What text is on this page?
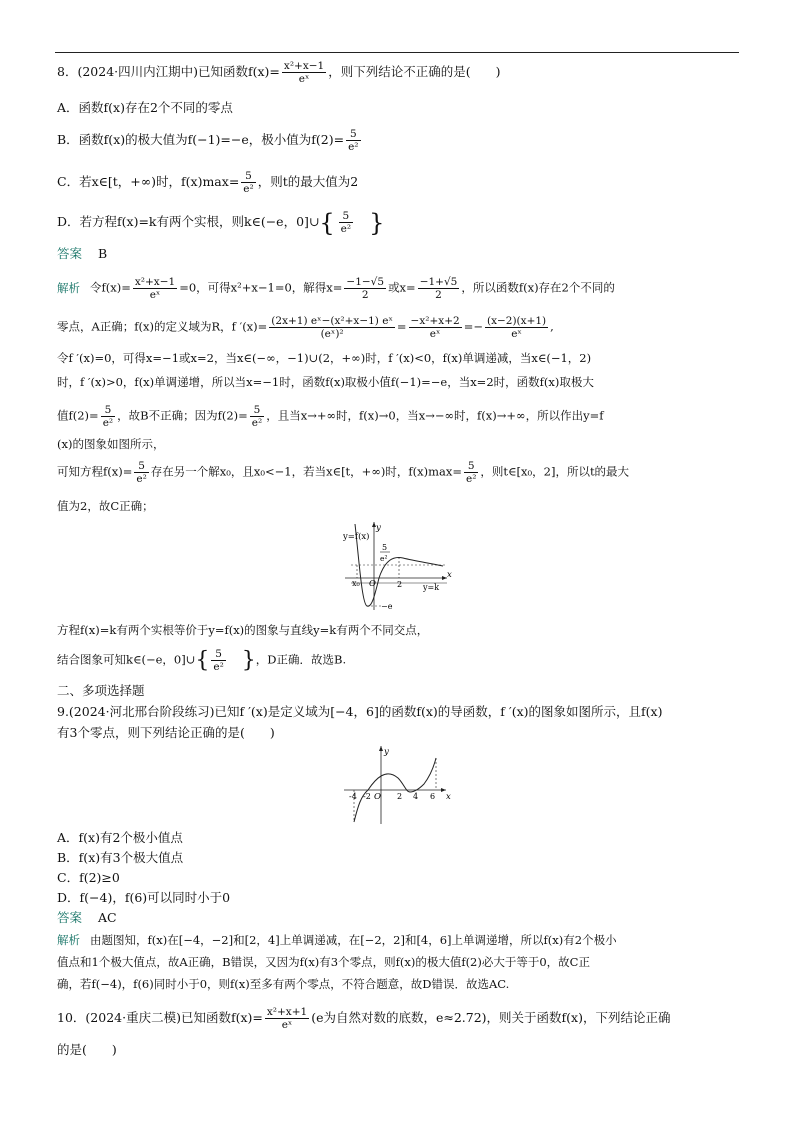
8．(2024·四川内江期中)已知函数$f(x)= \frac{\text{x²+x−1}}{\text{eˣ}}$ ，则下列结论不正确的是(　　)
A．函数f(x)存在2个不同的零点
B．函数f(x)的极大值为f(−1)=−e，极小值为$f(2)= \frac{5}{\text{e²}}$
C．若x∈[t，+∞)时，$f(x)\max= \frac{5}{\text{e²}}$ ，则t的最大值为2
D．若方程f(x)=k有两个实根，则k∈(−e，0]∪{ $\frac{5}{\text{e²}}$ }
答案 B
解析 令$f(x)= \frac{\text{x²+x−1}}{\text{eˣ}} =0$，可得x²+x−1=0，解得$x= \frac{-1-√5}{2}$ 或$x= \frac{-1+√5}{2}$ ，所以函数f(x)存在2个不同的
零点，A正确；f(x)的定义域为R，f $'(x)= \frac{\text{(2x+1) eˣ−(x²+x−1) eˣ}}{\text{(eˣ)²}} = \frac{\text{−x²+x+2}}{\text{eˣ}} =- \frac{(x-2)(x+1)}{\text{eˣ}}$ ,
令f ′(x)=0，可得x=−1或x=2，当x∈(−∞，−1)∪(2，+∞)时，f ′(x)<0，f(x)单调递减，当x∈(−1，2)
时，f ′(x)>0，f(x)单调递增，所以当x=−1时，函数f(x)取极小值f(−1)=−e，当x=2时，函数f(x)取极大
值$f(2)= \frac{5}{\text{e²}}$ ，故B不正确；因为$f(2)= \frac{5}{\text{e²}}$ ，且当x→+∞时，f(x)→0，当x→−∞时，f(x)→+∞，所以作出y=f
(x)的图象如图所示，
可知方程$f(x)= \frac{5}{\text{e²}}$ 存在另一个解x₀，且x₀<−1，若当x∈[t，+∞)时，$f(x)\max= \frac{5}{\text{e²}}$ ，则t∈[x₀，2]，所以t的最大
值为2，故C正确；
y=f(x)
y
5
e²
x
x₀ O	2	y=k
−e
方程f(x)=k有两个实根等价于y=f(x)的图象与直线y=k有两个不同交点，
结合图象可知k∈(−e，0]∪{ $\frac{5}{\text{e²}}$ }，D正确．故选B.
二、多项选择题
9.(2024·河北邢台阶段练习)已知f ′(x)是定义域为[−4，6]的函数f(x)的导函数，f ′(x)的图象如图所示，且f(x)
有3个零点，则下列结论正确的是(　　)
y
x
-4 -2 O 2 4 6
A．f(x)有2个极小值点
B．f(x)有3个极大值点
C．f(2)≥0
D．f(−4)，f(6)可以同时小于0
答案 AC
解析 由题图知，f(x)在[−4，−2]和[2，4]上单调递减，在[−2，2]和[4，6]上单调递增，所以f(x)有2个极小
值点和1个极大值点，故A正确，B错误，又因为f(x)有3个零点，则f(x)的极大值f(2)必大于等于0，故C正
确，若f(−4)，f(6)同时小于0，则f(x)至多有两个零点，不符合题意，故D错误．故选AC.
10．(2024·重庆二模)已知函数$f(x)= \frac{\text{x²+x+1}}{\text{eˣ}} (e$为自然对数的底数，e≈2.72)，则关于函数f(x)，下列结论正确
的是(　　)
